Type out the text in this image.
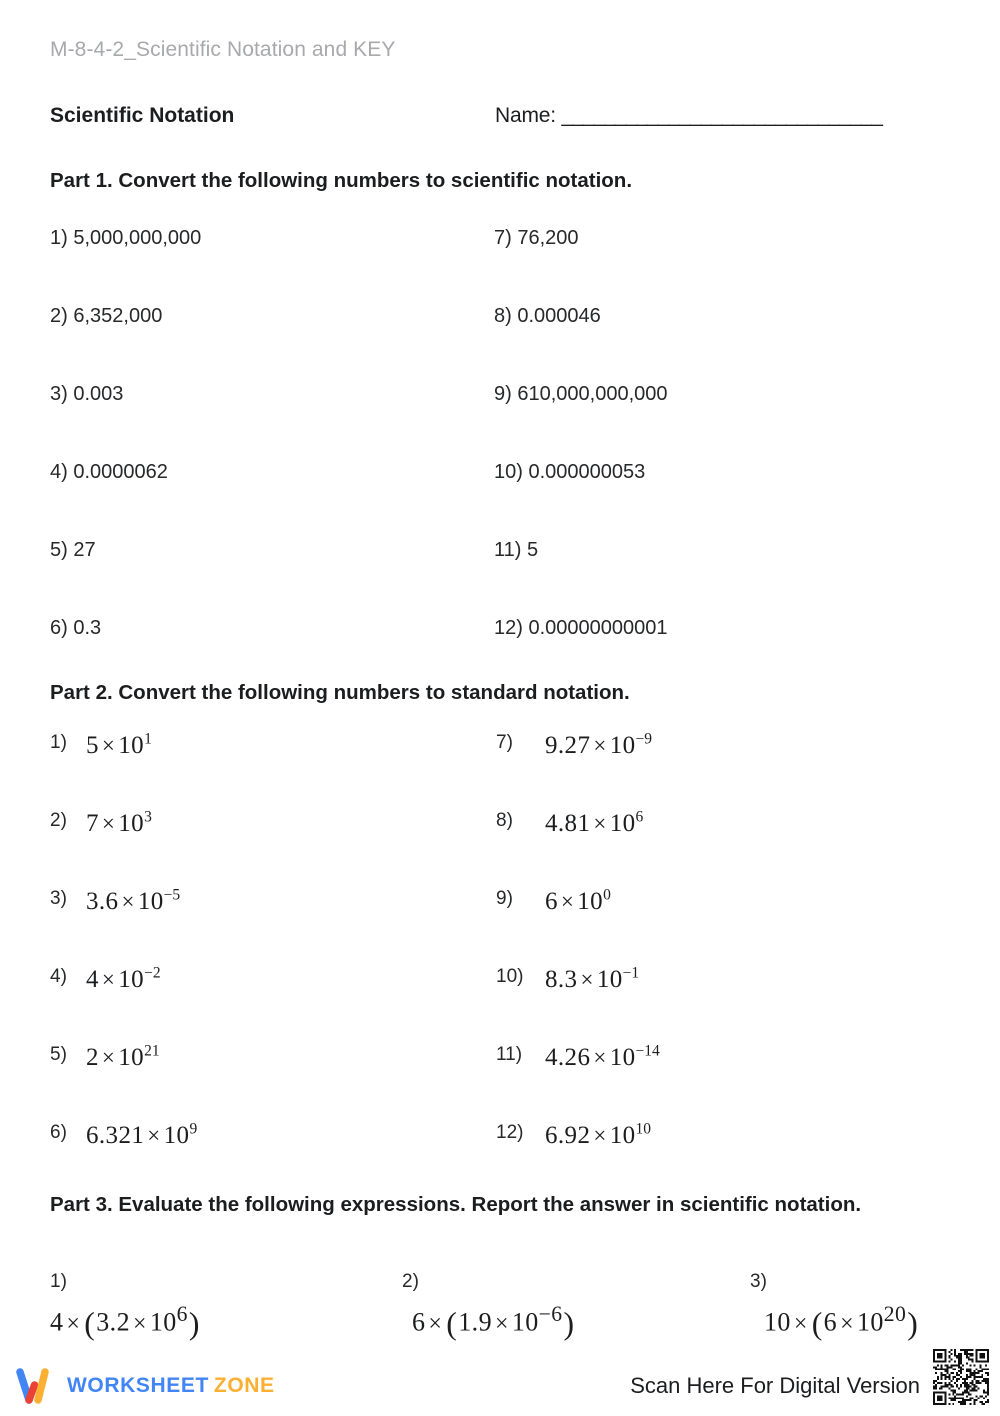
M-8-4-2_Scientific Notation and KEY
Scientific Notation	Name: ______________________________
Part 1. Convert the following numbers to scientific notation.
1) 5,000,000,000
2) 6,352,000
3) 0.003
4) 0.0000062
5) 27
6) 0.3
7) 76,200
8) 0.000046
9) 610,000,000,000
10) 0.000000053
11) 5
12) 0.00000000001
Part 2. Convert the following numbers to standard notation.
1) $5 \times 10^1$
2) $7 \times 10^3$
3) $3.6 \times 10^{-5}$
4) $4 \times 10^{-2}$
5) $2 \times 10^{21}$
6) $6.321 \times 10^9$
7)	$9.27 \times 10^{-9}$
8)	$4.81 \times 10^6$
9)	$6 \times 10^0$
10) $8.3 \times 10^{-1}$
11) $4.26 \times 10^{-14}$
12) $6.92 \times 10^{10}$
Part 3. Evaluate the following expressions. Report the answer in scientific notation.
1)
$4 \times (3.2 \times 10^6)$
2)
$6 \times (1.9 \times 10^{-6})$
3)
$10 \times (6 \times 10^{20})$
WORKSHEET ZONE	Scan Here For Digital Version
